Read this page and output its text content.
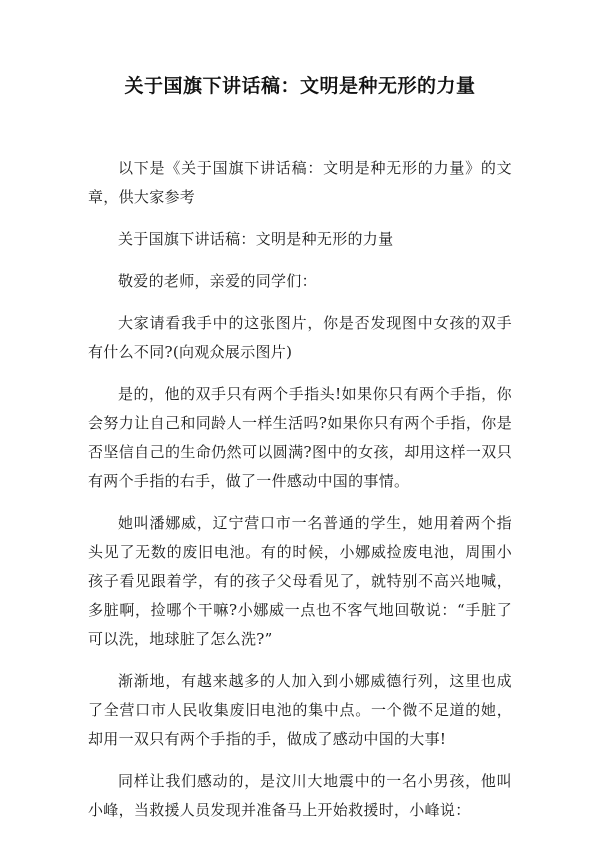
关于国旗下讲话稿：文明是种无形的力量

以下是《关于国旗下讲话稿：文明是种无形的力量》的文章，供大家参考

关于国旗下讲话稿：文明是种无形的力量

敬爱的老师，亲爱的同学们：

大家请看我手中的这张图片，你是否发现图中女孩的双手有什么不同?(向观众展示图片)

是的，他的双手只有两个手指头!如果你只有两个手指，你会努力让自己和同龄人一样生活吗?如果你只有两个手指，你是否坚信自己的生命仍然可以圆满?图中的女孩，却用这样一双只有两个手指的右手，做了一件感动中国的事情。

她叫潘娜威，辽宁营口市一名普通的学生，她用着两个指头见了无数的废旧电池。有的时候，小娜威捡废电池，周围小孩子看见跟着学，有的孩子父母看见了，就特别不高兴地喊，多脏啊，捡哪个干嘛?小娜威一点也不客气地回敬说：“手脏了可以洗，地球脏了怎么洗?”

渐渐地，有越来越多的人加入到小娜威德行列，这里也成了全营口市人民收集废旧电池的集中点。一个微不足道的她，却用一双只有两个手指的手，做成了感动中国的大事!

同样让我们感动的，是汶川大地震中的一名小男孩，他叫小峰，当救援人员发现并准备马上开始救援时，小峰说：
